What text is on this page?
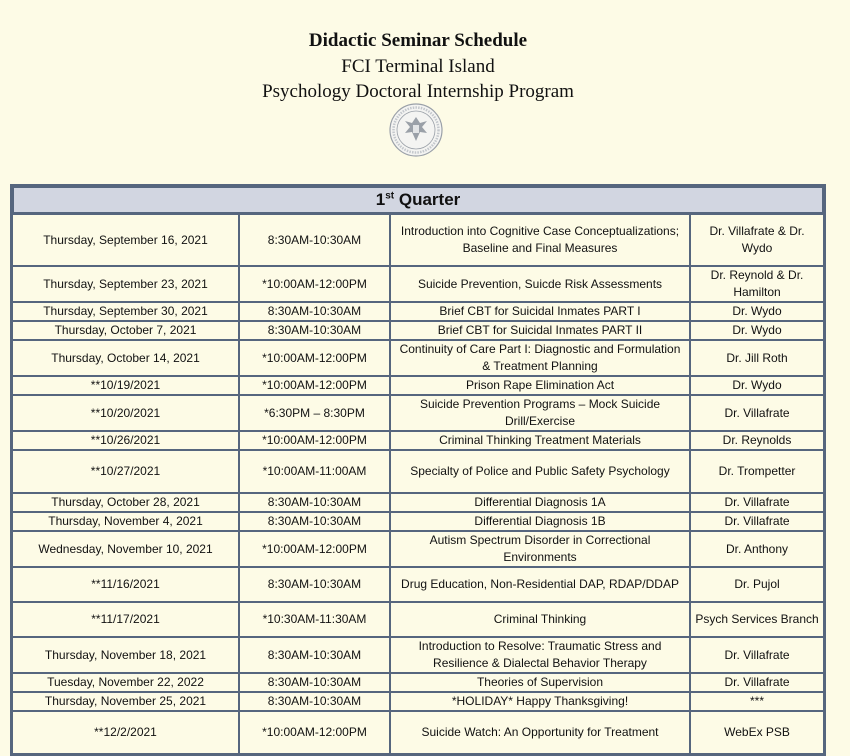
Didactic Seminar Schedule
FCI Terminal Island
Psychology Doctoral Internship Program
1st Quarter			
Thursday, September 16, 2021	8:30AM-10:30AM	Introduction into Cognitive Case Conceptualizations; Baseline and Final Measures	Dr. Villafrate & Dr. Wydo
Thursday, September 23, 2021	*10:00AM-12:00PM	Suicide Prevention, Suicde Risk Assessments	Dr. Reynold & Dr. Hamilton
Thursday, September 30, 2021	8:30AM-10:30AM	Brief CBT for Suicidal Inmates PART I	Dr. Wydo
Thursday, October 7, 2021	8:30AM-10:30AM	Brief CBT for Suicidal Inmates PART II	Dr. Wydo
Thursday, October 14, 2021	*10:00AM-12:00PM	Continuity of Care Part I: Diagnostic and Formulation & Treatment Planning	Dr. Jill Roth
**10/19/2021	*10:00AM-12:00PM	Prison Rape Elimination Act	Dr. Wydo
**10/20/2021	*6:30PM – 8:30PM	Suicide Prevention Programs – Mock Suicide Drill/Exercise	Dr. Villafrate
**10/26/2021	*10:00AM-12:00PM	Criminal Thinking Treatment Materials	Dr. Reynolds
**10/27/2021	*10:00AM-11:00AM	Specialty of Police and Public Safety Psychology	Dr. Trompetter
Thursday, October 28, 2021	8:30AM-10:30AM	Differential Diagnosis 1A	Dr. Villafrate
Thursday, November 4, 2021	8:30AM-10:30AM	Differential Diagnosis 1B	Dr. Villafrate
Wednesday, November 10, 2021	*10:00AM-12:00PM	Autism Spectrum Disorder in Correctional Environments	Dr. Anthony
**11/16/2021	8:30AM-10:30AM	Drug Education, Non-Residential DAP, RDAP/DDAP	Dr. Pujol
**11/17/2021	*10:30AM-11:30AM	Criminal Thinking	Psych Services Branch
Thursday, November 18, 2021	8:30AM-10:30AM	Introduction to Resolve: Traumatic Stress and Resilience & Dialectal Behavior Therapy	Dr. Villafrate
Tuesday, November 22, 2022	8:30AM-10:30AM	Theories of Supervision	Dr. Villafrate
Thursday, November 25, 2021	8:30AM-10:30AM	*HOLIDAY* Happy Thanksgiving!	***
**12/2/2021	*10:00AM-12:00PM	Suicide Watch: An Opportunity for Treatment	WebEx PSB
